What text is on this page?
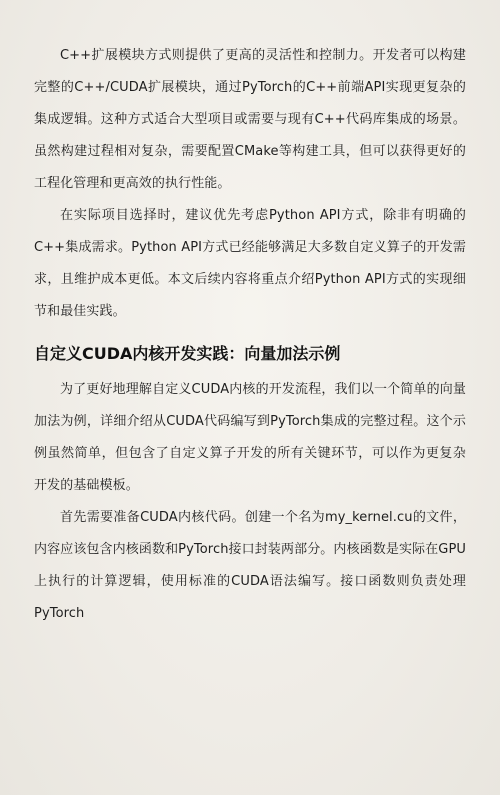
C++扩展模块方式则提供了更高的灵活性和控制力。开发者可以构建完整的C++/CUDA扩展模块，通过PyTorch的C++前端API实现更复杂的集成逻辑。这种方式适合大型项目或需要与现有C++代码库集成的场景。虽然构建过程相对复杂，需要配置CMake等构建工具，但可以获得更好的工程化管理和更高效的执行性能。

在实际项目选择时，建议优先考虑Python API方式，除非有明确的C++集成需求。Python API方式已经能够满足大多数自定义算子的开发需求，且维护成本更低。本文后续内容将重点介绍Python API方式的实现细节和最佳实践。

自定义CUDA内核开发实践：向量加法示例

为了更好地理解自定义CUDA内核的开发流程，我们以一个简单的向量加法为例，详细介绍从CUDA代码编写到PyTorch集成的完整过程。这个示例虽然简单，但包含了自定义算子开发的所有关键环节，可以作为更复杂开发的基础模板。

首先需要准备CUDA内核代码。创建一个名为my_kernel.cu的文件，内容应该包含内核函数和PyTorch接口封装两部分。内核函数是实际在GPU上执行的计算逻辑，使用标准的CUDA语法编写。接口函数则负责处理PyTorch
